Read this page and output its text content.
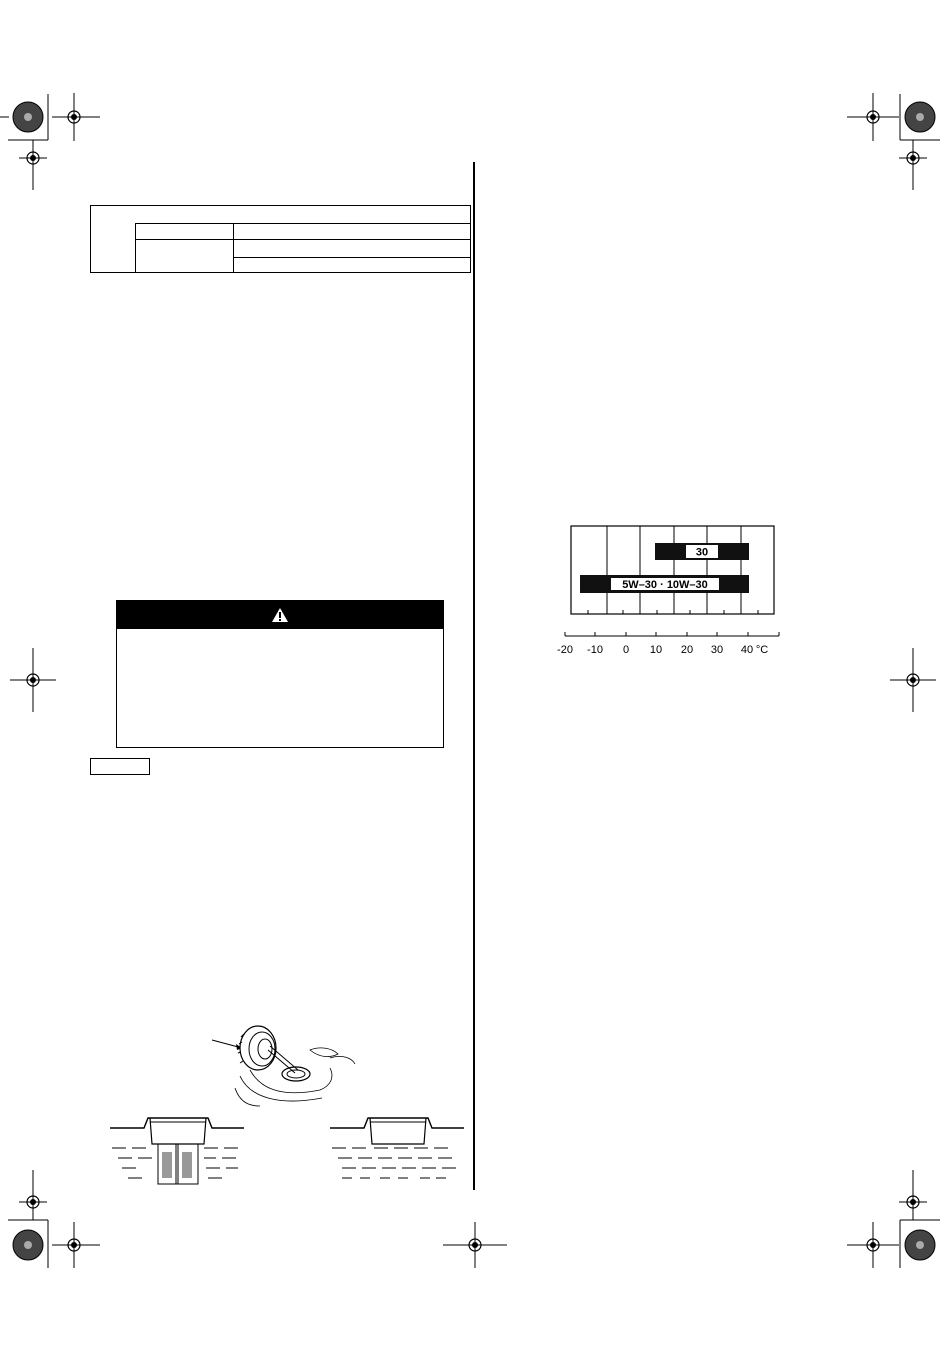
30
5W–30 · 10W–30
-20 -10 0 10 20 30 40 °C
